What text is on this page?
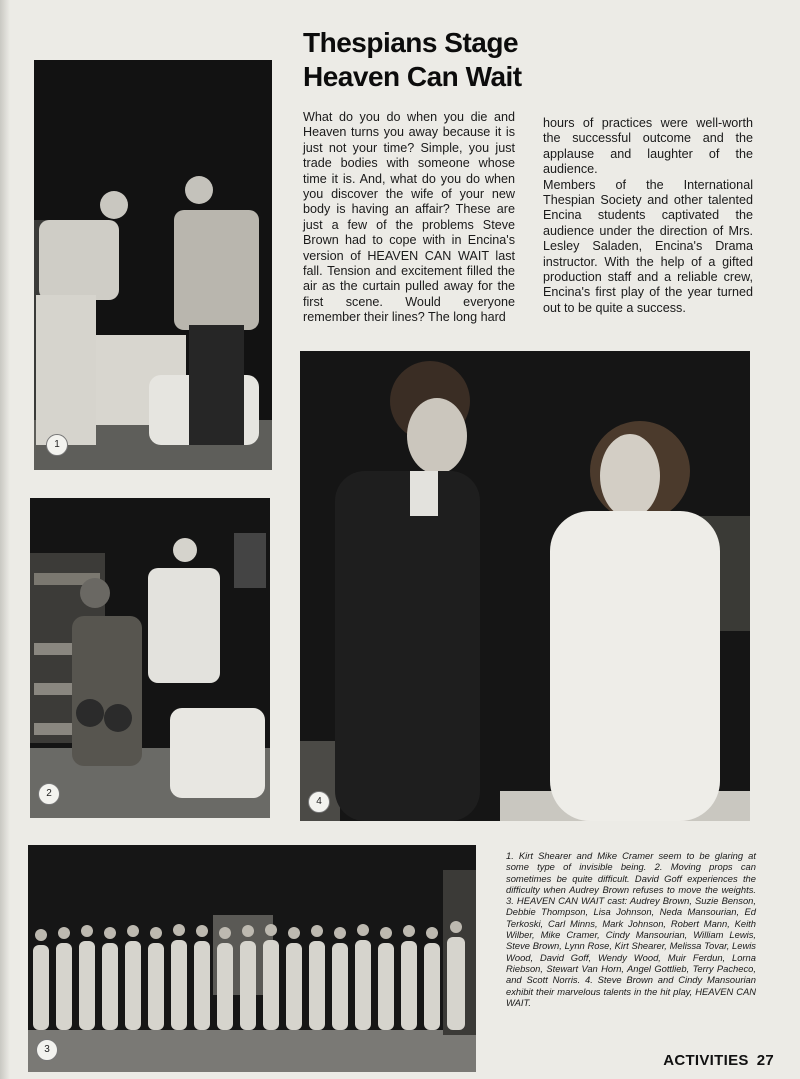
Thespians Stage
Heaven Can Wait

What do you do when you die and Heaven turns you away because it is just not your time? Simple, you just trade bodies with someone whose time it is. And, what do you do when you discover the wife of your new body is having an affair? These are just a few of the problems Steve Brown had to cope with in Encina's version of HEAVEN CAN WAIT last fall. Tension and excitement filled the air as the curtain pulled away for the first scene. Would everyone remember their lines? The long hard

hours of practices were well-worth the successful outcome and the applause and laughter of the audience.

Members of the International Thespian Society and other talented Encina students captivated the audience under the direction of Mrs. Lesley Saladen, Encina's Drama instructor. With the help of a gifted production staff and a reliable crew, Encina's first play of the year turned out to be quite a success.

1
2
4
3
1. Kirt Shearer and Mike Cramer seem to be glaring at some type of invisible being. 2. Moving props can sometimes be quite difficult. David Goff experiences the difficulty when Audrey Brown refuses to move the weights. 3. HEAVEN CAN WAIT cast: Audrey Brown, Suzie Benson, Debbie Thompson, Lisa Johnson, Neda Mansourian, Ed Terkoski, Carl Minns, Mark Johnson, Robert Mann, Keith Wilber, Mike Cramer, Cindy Mansourian, William Lewis, Steve Brown, Lynn Rose, Kirt Shearer, Melissa Tovar, Lewis Wood, David Goff, Wendy Wood, Muir Ferdun, Lorna Riebson, Stewart Van Horn, Angel Gottlieb, Terry Pacheco, and Scott Norris. 4. Steve Brown and Cindy Mansourian exhibit their marvelous talents in the hit play, HEAVEN CAN WAIT.
ACTIVITIES 27
